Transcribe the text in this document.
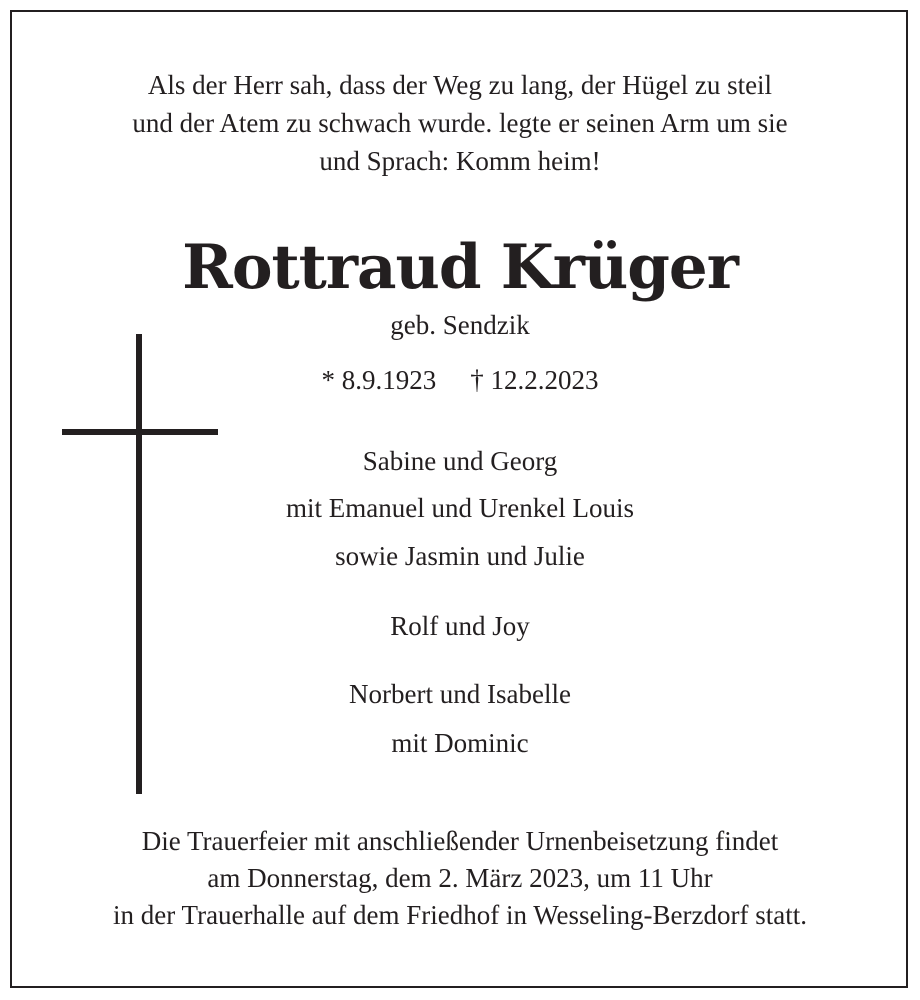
Als der Herr sah, dass der Weg zu lang, der Hügel zu steil
und der Atem zu schwach wurde. legte er seinen Arm um sie
und Sprach: Komm heim!
Rottraud Krüger
geb. Sendzik
* 8.9.1923 † 12.2.2023
Sabine und Georg
mit Emanuel und Urenkel Louis
sowie Jasmin und Julie
Rolf und Joy
Norbert und Isabelle
mit Dominic
Die Trauerfeier mit anschließender Urnenbeisetzung findet
am Donnerstag, dem 2. März 2023, um 11 Uhr
in der Trauerhalle auf dem Friedhof in Wesseling-Berzdorf statt.
